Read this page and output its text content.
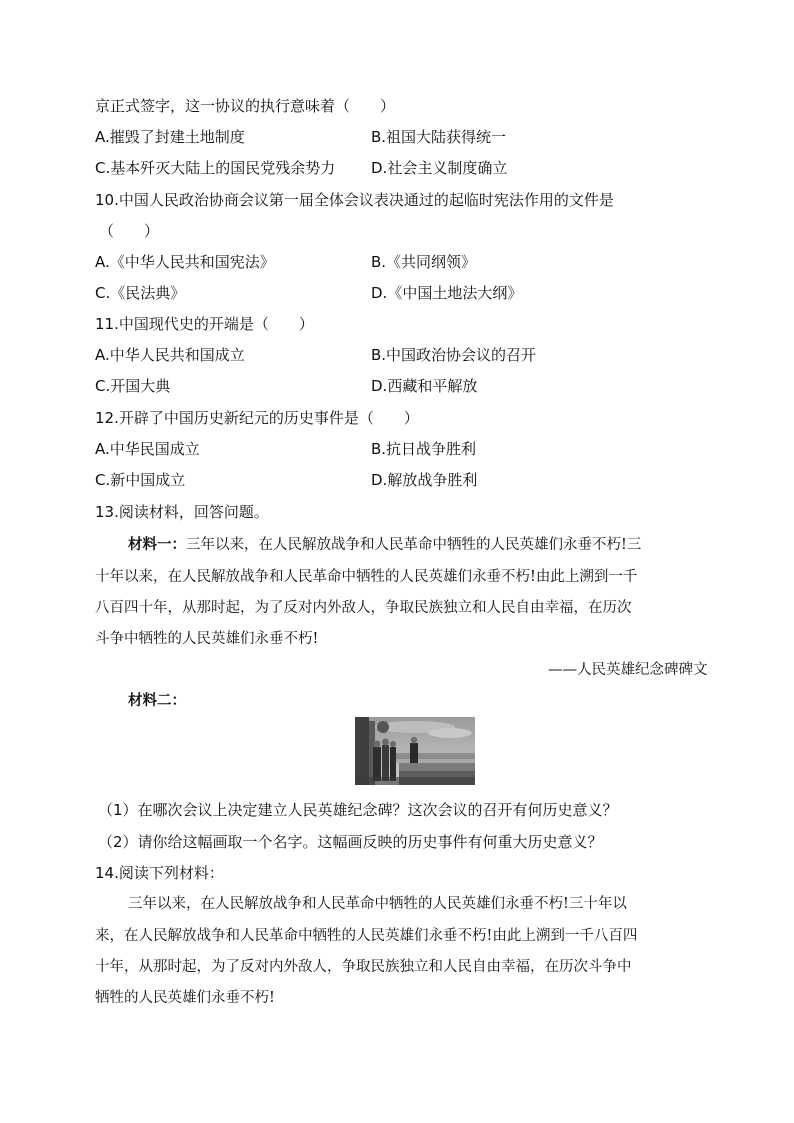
京正式签字，这一协议的执行意味着（　　）
A.摧毁了封建土地制度	B.祖国大陆获得统一
C.基本歼灭大陆上的国民党残余势力 D.社会主义制度确立
10.中国人民政治协商会议第一届全体会议表决通过的起临时宪法作用的文件是
（　　）
A.《中华人民共和国宪法》	B.《共同纲领》
C.《民法典》	D.《中国土地法大纲》
11.中国现代史的开端是（　　）
A.中华人民共和国成立	B.中国政治协会议的召开
C.开国大典	D.西藏和平解放
12.开辟了中国历史新纪元的历史事件是（　　）
A.中华民国成立	B.抗日战争胜利
C.新中国成立	D.解放战争胜利
13.阅读材料，回答问题。
材料一：三年以来，在人民解放战争和人民革命中牺牲的人民英雄们永垂不朽!三
十年以来，在人民解放战争和人民革命中牺牲的人民英雄们永垂不朽!由此上溯到一千
八百四十年，从那时起，为了反对内外敌人，争取民族独立和人民自由幸福，在历次
斗争中牺牲的人民英雄们永垂不朽!
——人民英雄纪念碑碑文
材料二：
（1）在哪次会议上决定建立人民英雄纪念碑？这次会议的召开有何历史意义？
（2）请你给这幅画取一个名字。这幅画反映的历史事件有何重大历史意义？
14.阅读下列材料：
三年以来，在人民解放战争和人民革命中牺牲的人民英雄们永垂不朽!三十年以
来，在人民解放战争和人民革命中牺牲的人民英雄们永垂不朽!由此上溯到一千八百四
十年，从那时起，为了反对内外敌人，争取民族独立和人民自由幸福，在历次斗争中
牺牲的人民英雄们永垂不朽!
